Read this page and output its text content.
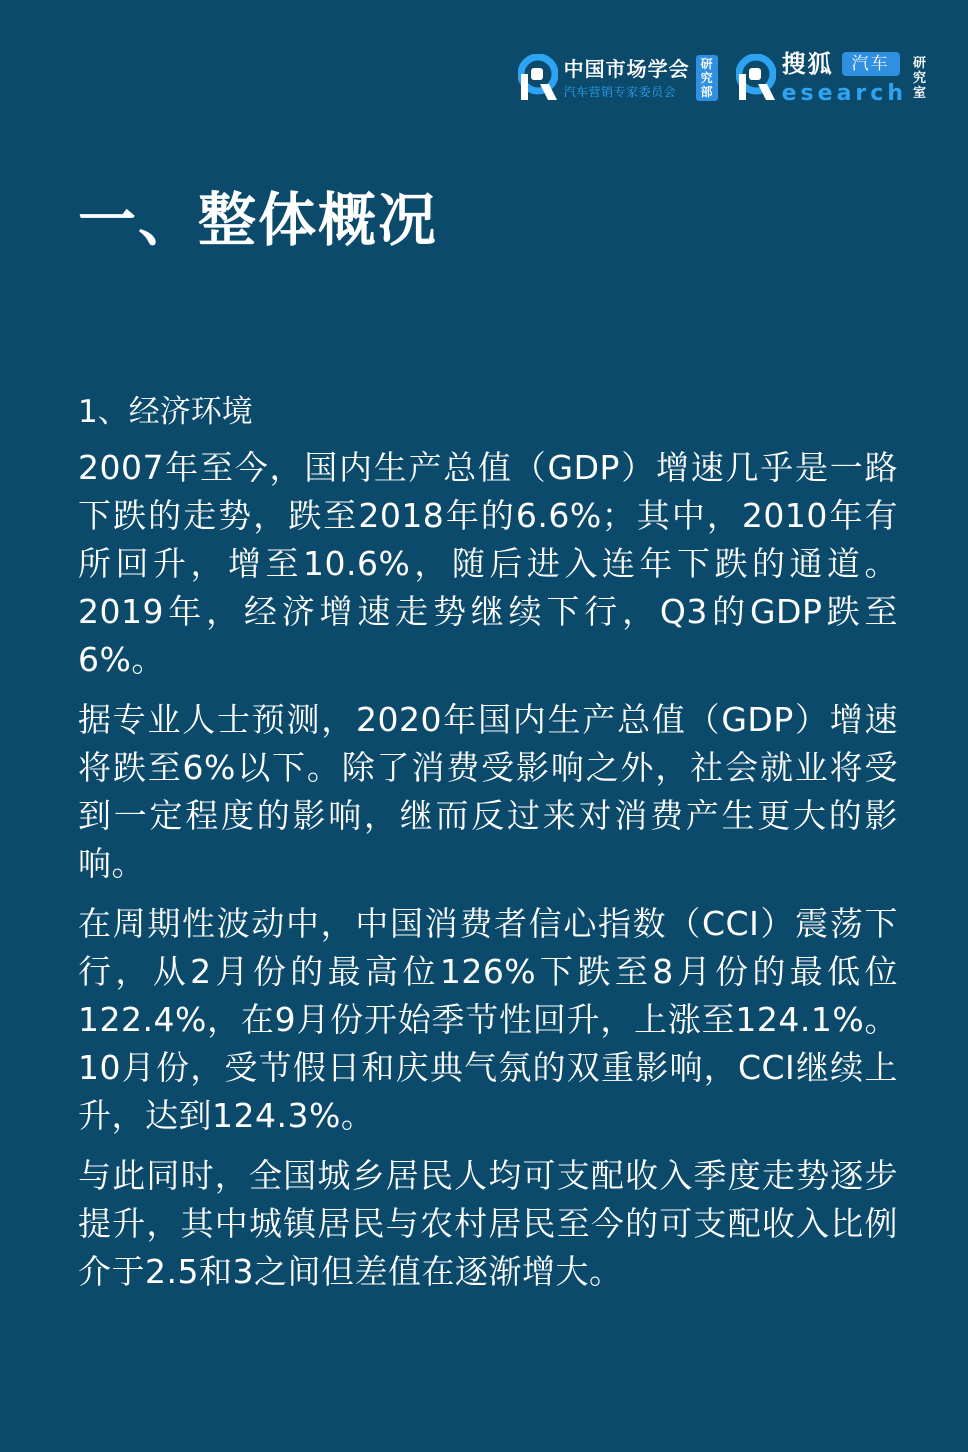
中国市场学会
汽车营销专家委员会
研
究
部
搜狐	汽车
esearch
研
究
室
一、整体概况

1、经济环境

2007年至今，国内生产总值（GDP）增速几乎是一路下跌的走势，跌至2018年的6.6%；其中，2010年有所回升，增至10.6%，随后进入连年下跌的通道。2019年，经济增速走势继续下行，Q3的GDP跌至6%。

据专业人士预测，2020年国内生产总值（GDP）增速将跌至6%以下。除了消费受影响之外，社会就业将受到一定程度的影响，继而反过来对消费产生更大的影响。

在周期性波动中，中国消费者信心指数（CCI）震荡下行，从2月份的最高位126%下跌至8月份的最低位122.4%，在9月份开始季节性回升，上涨至124.1%。10月份，受节假日和庆典气氛的双重影响，CCI继续上升，达到124.3%。

与此同时，全国城乡居民人均可支配收入季度走势逐步提升，其中城镇居民与农村居民至今的可支配收入比例介于2.5和3之间但差值在逐渐增大。
